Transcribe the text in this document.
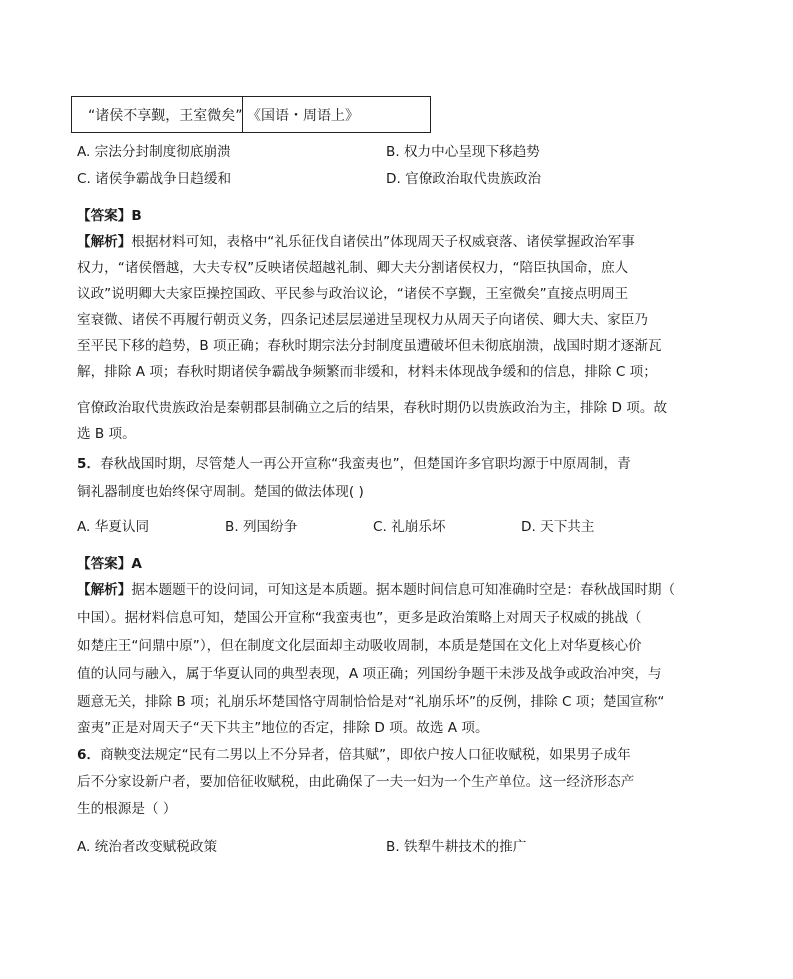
“诸侯不享觐，王室微矣” 《国语・周语上》
A. 宗法分封制度彻底崩溃	B. 权力中心呈现下移趋势
C. 诸侯争霸战争日趋缓和	D. 官僚政治取代贵族政治
【答案】B
【解析】根据材料可知，表格中“礼乐征伐自诸侯出”体现周天子权威衰落、诸侯掌握政治军事
权力，“诸侯僭越，大夫专权”反映诸侯超越礼制、卿大夫分割诸侯权力，“陪臣执国命，庶人
议政”说明卿大夫家臣操控国政、平民参与政治议论，“诸侯不享觐，王室微矣”直接点明周王
室衰微、诸侯不再履行朝贡义务，四条记述层层递进呈现权力从周天子向诸侯、卿大夫、家臣乃
至平民下移的趋势，B 项正确；春秋时期宗法分封制度虽遭破坏但未彻底崩溃，战国时期才逐渐瓦
解，排除 A 项；春秋时期诸侯争霸战争频繁而非缓和，材料未体现战争缓和的信息，排除 C 项；
官僚政治取代贵族政治是秦朝郡县制确立之后的结果，春秋时期仍以贵族政治为主，排除 D 项。故
选 B 项。
5．春秋战国时期，尽管楚人一再公开宣称“我蛮夷也”，但楚国许多官职均源于中原周制，青
铜礼器制度也始终保守周制。楚国的做法体现( )
A. 华夏认同	B. 列国纷争	C. 礼崩乐坏	D. 天下共主
【答案】A
【解析】据本题题干的设问词，可知这是本质题。据本题时间信息可知准确时空是：春秋战国时期（
中国）。据材料信息可知，楚国公开宣称“我蛮夷也”，更多是政治策略上对周天子权威的挑战（
如楚庄王“问鼎中原”），但在制度文化层面却主动吸收周制，本质是楚国在文化上对华夏核心价
值的认同与融入，属于华夏认同的典型表现，A 项正确；列国纷争题干未涉及战争或政治冲突，与
题意无关，排除 B 项；礼崩乐坏楚国恪守周制恰恰是对“礼崩乐坏”的反例，排除 C 项；楚国宣称“
蛮夷”正是对周天子“天下共主”地位的否定，排除 D 项。故选 A 项。
6．商鞅变法规定“民有二男以上不分异者，倍其赋”，即依户按人口征收赋税，如果男子成年
后不分家设新户者，要加倍征收赋税，由此确保了一夫一妇为一个生产单位。这一经济形态产
生的根源是（ ）
A. 统治者改变赋税政策	B. 铁犁牛耕技术的推广
